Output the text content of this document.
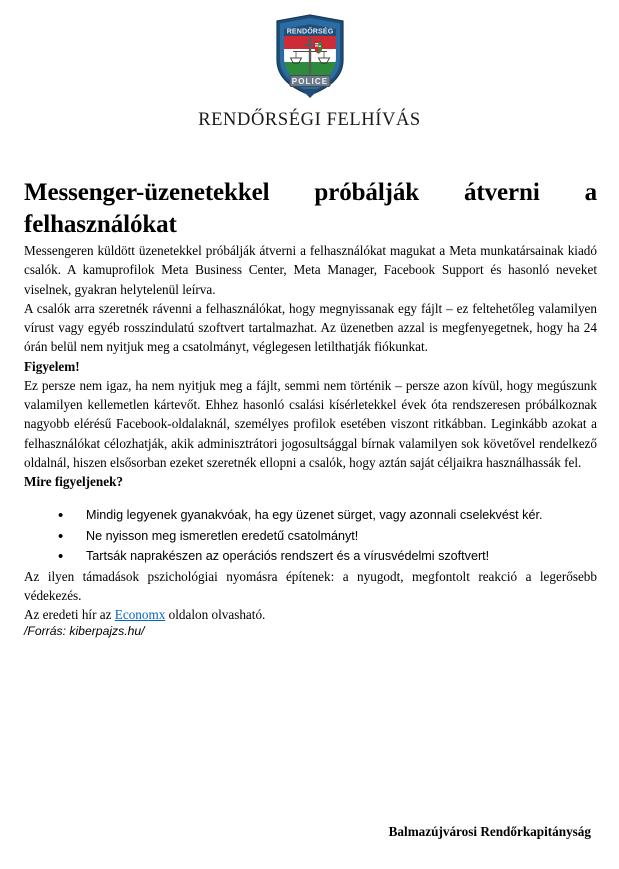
RENDŐRSÉG
POLICE
RENDŐRSÉGI FELHÍVÁS
Messenger-üzenetekkel próbálják átverni a felhasználókat

Messengeren küldött üzenetekkel próbálják átverni a felhasználókat magukat a Meta munkatársainak kiadó csalók. A kamuprofilok Meta Business Center, Meta Manager, Facebook Support és hasonló neveket viselnek, gyakran helytelenül leírva.

A csalók arra szeretnék rávenni a felhasználókat, hogy megnyissanak egy fájlt – ez feltehetőleg valamilyen vírust vagy egyéb rosszindulatú szoftvert tartalmazhat. Az üzenetben azzal is megfenyegetnek, hogy ha 24 órán belül nem nyitjuk meg a csatolmányt, véglegesen letilthatják fiókunkat.

Figyelem!

Ez persze nem igaz, ha nem nyitjuk meg a fájlt, semmi nem történik – persze azon kívül, hogy megúszunk valamilyen kellemetlen kártevőt. Ehhez hasonló csalási kísérletekkel évek óta rendszeresen próbálkoznak nagyobb elérésű Facebook-oldalaknál, személyes profilok esetében viszont ritkábban. Leginkább azokat a felhasználókat célozhatják, akik adminisztrátori jogosultsággal bírnak valamilyen sok követővel rendelkező oldalnál, hiszen elsősorban ezeket szeretnék ellopni a csalók, hogy aztán saját céljaikra használhassák fel.

Mire figyeljenek?

• Mindig legyenek gyanakvóak, ha egy üzenet sürget, vagy azonnali cselekvést kér.
• Ne nyisson meg ismeretlen eredetű csatolmányt!
• Tartsák naprakészen az operációs rendszert és a vírusvédelmi szoftvert!

Az ilyen támadások pszichológiai nyomásra építenek: a nyugodt, megfontolt reakció a legerősebb védekezés.

Az eredeti hír az Economx oldalon olvasható.

/Forrás: kiberpajzs.hu/

Balmazújvárosi Rendőrkapitányság
